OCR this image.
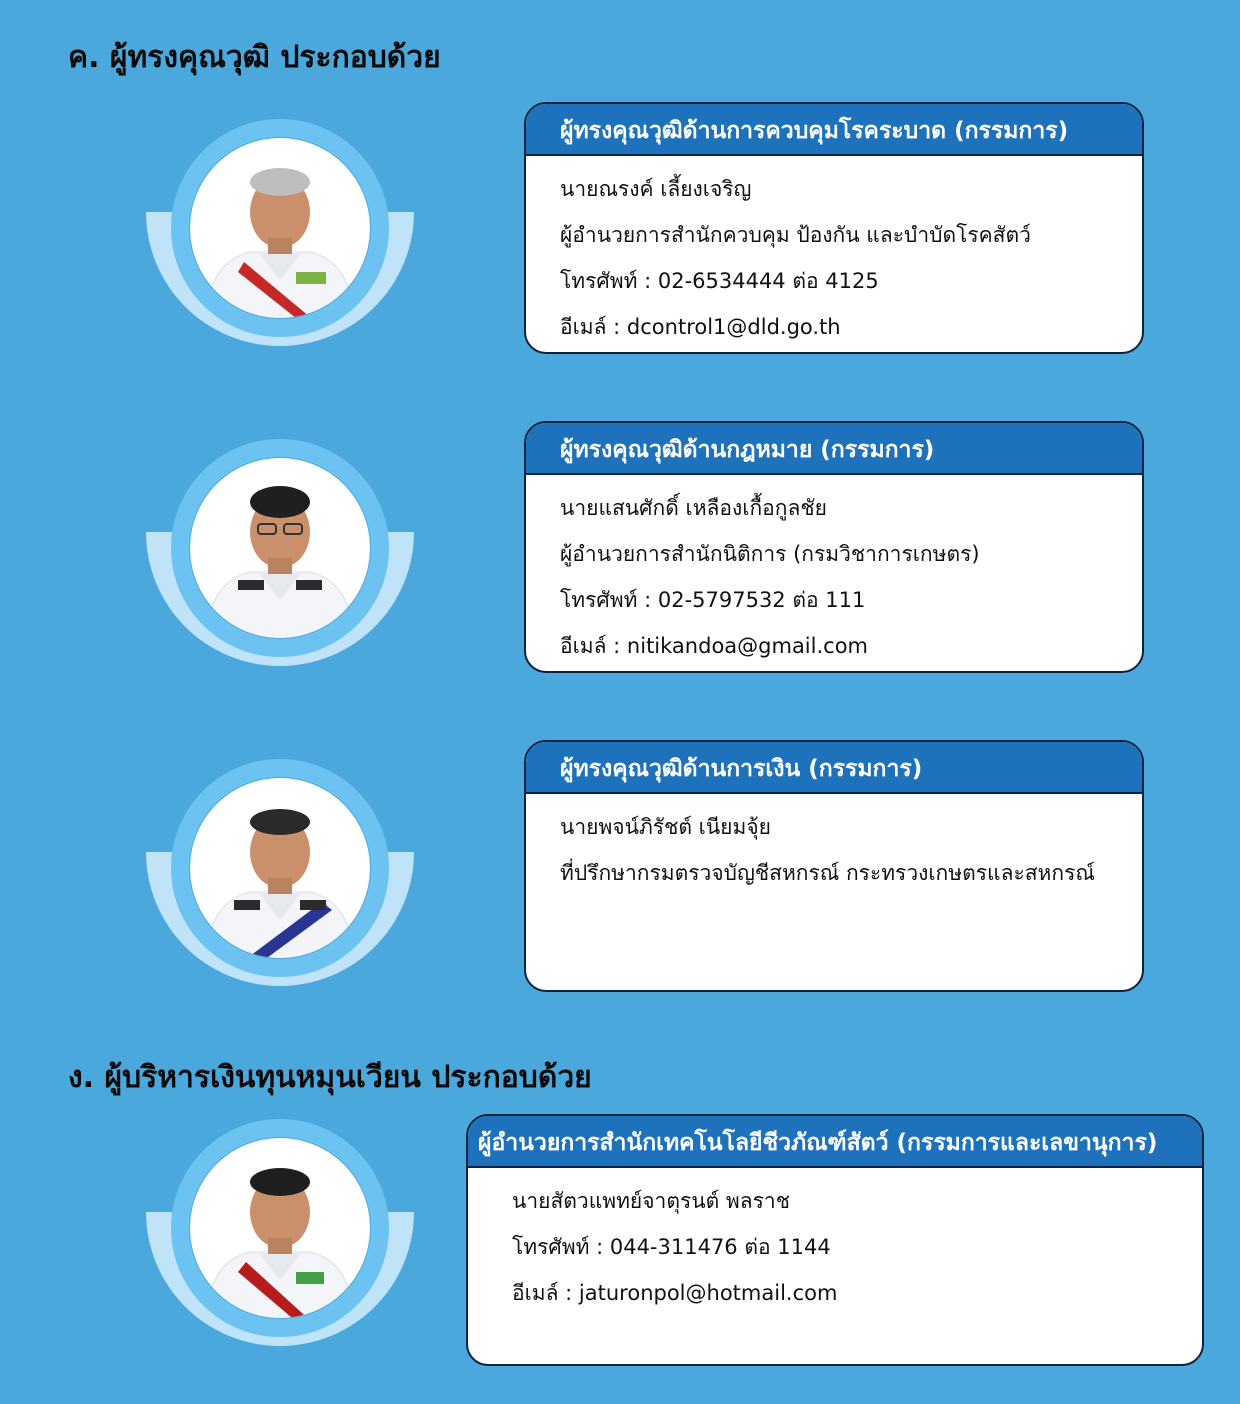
ค. ผู้ทรงคุณวุฒิ ประกอบด้วย
ผู้ทรงคุณวุฒิด้านการควบคุมโรคระบาด (กรรมการ)
นายณรงค์ เลี้ยงเจริญ
ผู้อำนวยการสำนักควบคุม ป้องกัน และบำบัดโรคสัตว์
โทรศัพท์ : 02-6534444 ต่อ 4125
อีเมล์ : dcontrol1@dld.go.th
ผู้ทรงคุณวุฒิด้านกฎหมาย (กรรมการ)
นายแสนศักดิ์ เหลืองเกื้อกูลชัย
ผู้อำนวยการสำนักนิติการ (กรมวิชาการเกษตร)
โทรศัพท์ : 02-5797532 ต่อ 111
อีเมล์ : nitikandoa@gmail.com
ผู้ทรงคุณวุฒิด้านการเงิน (กรรมการ)
นายพจน์ภิรัชต์ เนียมจุ้ย
ที่ปรึกษากรมตรวจบัญชีสหกรณ์ กระทรวงเกษตรและสหกรณ์
ง. ผู้บริหารเงินทุนหมุนเวียน ประกอบด้วย
ผู้อำนวยการสำนักเทคโนโลยีชีวภัณฑ์สัตว์ (กรรมการและเลขานุการ)
นายสัตวแพทย์จาตุรนต์ พลราช
โทรศัพท์ : 044-311476 ต่อ 1144
อีเมล์ : jaturonpol@hotmail.com
